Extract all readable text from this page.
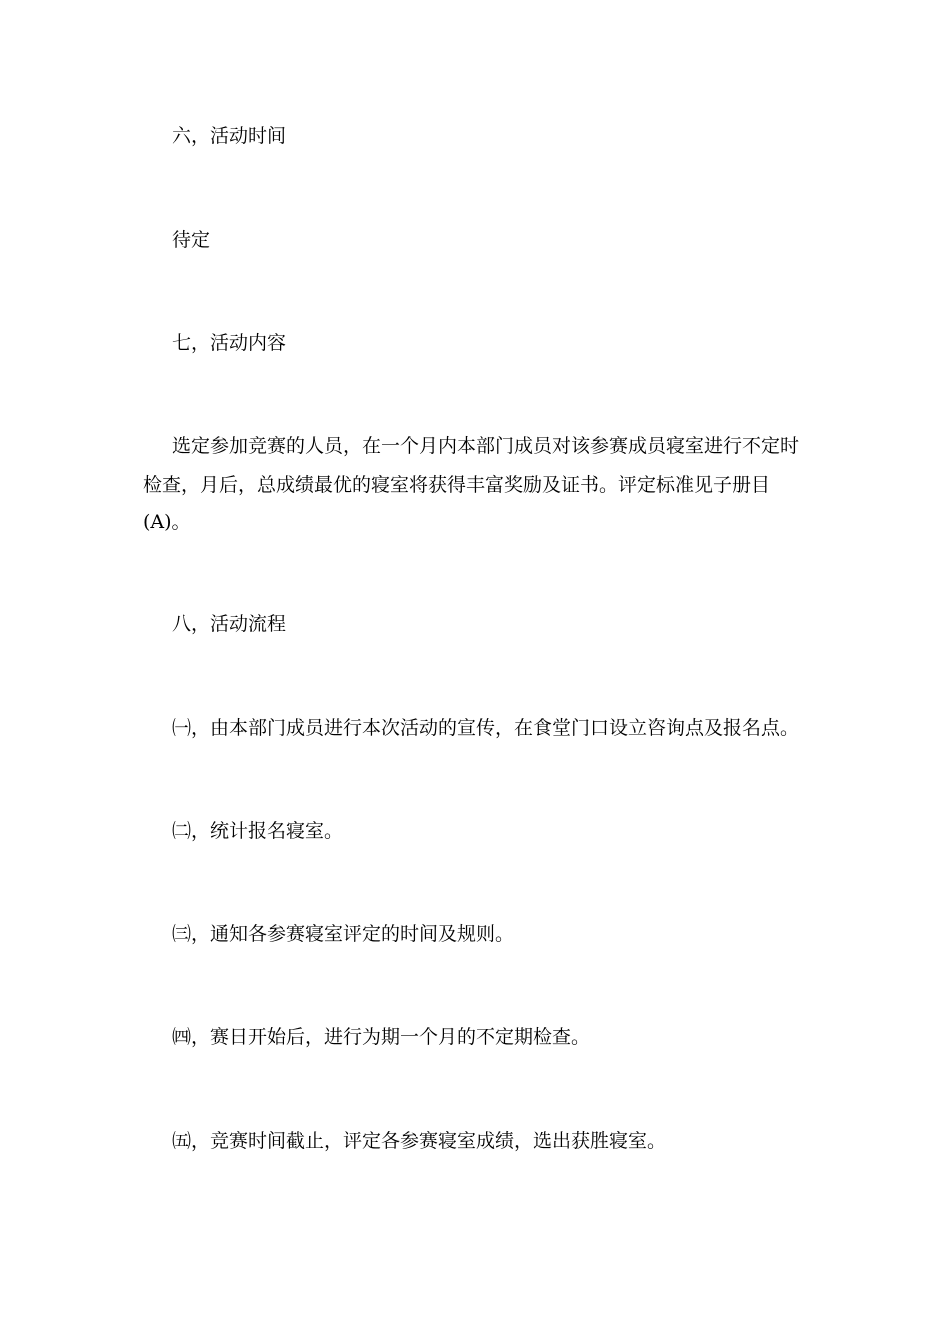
六，活动时间

待定

七，活动内容

选定参加竞赛的人员，在一个月内本部门成员对该参赛成员寝室进行不定时

检查，月后，总成绩最优的寝室将获得丰富奖励及证书。评定标准见子册目

(A)。

八，活动流程

㈠，由本部门成员进行本次活动的宣传，在食堂门口设立咨询点及报名点。

㈡，统计报名寝室。

㈢，通知各参赛寝室评定的时间及规则。

㈣，赛日开始后，进行为期一个月的不定期检查。

㈤，竞赛时间截止，评定各参赛寝室成绩，选出获胜寝室。
